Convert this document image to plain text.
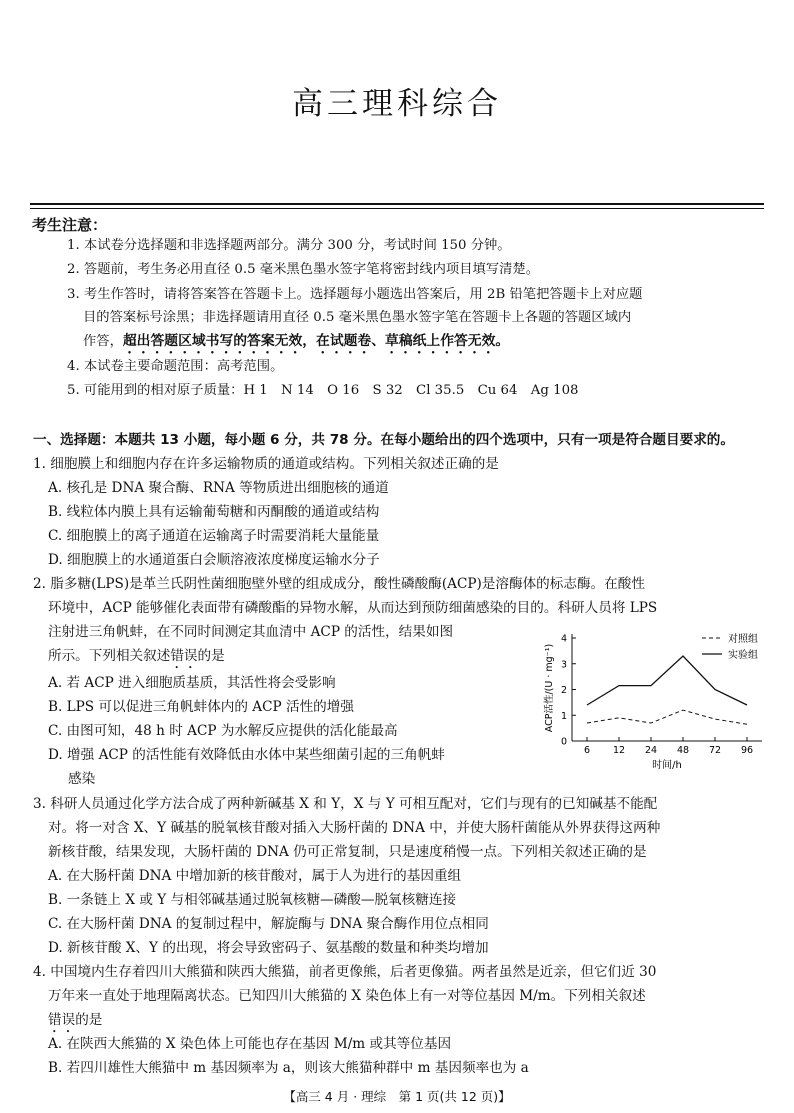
高三理科综合
考生注意：
1. 本试卷分选择题和非选择题两部分。满分 300 分，考试时间 150 分钟。
2. 答题前，考生务必用直径 0.5 毫米黑色墨水签字笔将密封线内项目填写清楚。
3. 考生作答时，请将答案答在答题卡上。选择题每小题选出答案后，用 2B 铅笔把答题卡上对应题
目的答案标号涂黑；非选择题请用直径 0.5 毫米黑色墨水签字笔在答题卡上各题的答题区域内
作答，超出答题区域书写的答案无效，在试题卷、草稿纸上作答无效。
4. 本试卷主要命题范围：高考范围。
5. 可能用到的相对原子质量：H 1　N 14　O 16　S 32　Cl 35.5　Cu 64　Ag 108
一、选择题：本题共 13 小题，每小题 6 分，共 78 分。在每小题给出的四个选项中，只有一项是符合题目要求的。
1. 细胞膜上和细胞内存在许多运输物质的通道或结构。下列相关叙述正确的是
A. 核孔是 DNA 聚合酶、RNA 等物质进出细胞核的通道
B. 线粒体内膜上具有运输葡萄糖和丙酮酸的通道或结构
C. 细胞膜上的离子通道在运输离子时需要消耗大量能量
D. 细胞膜上的水通道蛋白会顺溶液浓度梯度运输水分子
2. 脂多糖(LPS)是革兰氏阴性菌细胞壁外壁的组成成分，酸性磷酸酶(ACP)是溶酶体的标志酶。在酸性
环境中，ACP 能够催化表面带有磷酸酯的异物水解，从而达到预防细菌感染的目的。科研人员将 LPS
注射进三角帆蚌，在不同时间测定其血清中 ACP 的活性，结果如图
所示。下列相关叙述错误的是
A. 若 ACP 进入细胞质基质，其活性将会受影响
B. LPS 可以促进三角帆蚌体内的 ACP 活性的增强
C. 由图可知，48 h 时 ACP 为水解反应提供的活化能最高
D. 增强 ACP 的活性能有效降低由水体中某些细菌引起的三角帆蚌
感染
0
1
2
3
4
6 12 24 48 72 96
ACP活性/(U · mg⁻¹)
时间/h
对照组
实验组
3. 科研人员通过化学方法合成了两种新碱基 X 和 Y，X 与 Y 可相互配对，它们与现有的已知碱基不能配
对。将一对含 X、Y 碱基的脱氧核苷酸对插入大肠杆菌的 DNA 中，并使大肠杆菌能从外界获得这两种
新核苷酸，结果发现，大肠杆菌的 DNA 仍可正常复制，只是速度稍慢一点。下列相关叙述正确的是
A. 在大肠杆菌 DNA 中增加新的核苷酸对，属于人为进行的基因重组
B. 一条链上 X 或 Y 与相邻碱基通过脱氧核糖—磷酸—脱氧核糖连接
C. 在大肠杆菌 DNA 的复制过程中，解旋酶与 DNA 聚合酶作用位点相同
D. 新核苷酸 X、Y 的出现，将会导致密码子、氨基酸的数量和种类均增加
4. 中国境内生存着四川大熊猫和陕西大熊猫，前者更像熊，后者更像猫。两者虽然是近亲，但它们近 30
万年来一直处于地理隔离状态。已知四川大熊猫的 X 染色体上有一对等位基因 M/m。下列相关叙述
错误的是
A. 在陕西大熊猫的 X 染色体上可能也存在基因 M/m 或其等位基因
B. 若四川雄性大熊猫中 m 基因频率为 a，则该大熊猫种群中 m 基因频率也为 a
【高三 4 月 · 理综　第 1 页(共 12 页)】
